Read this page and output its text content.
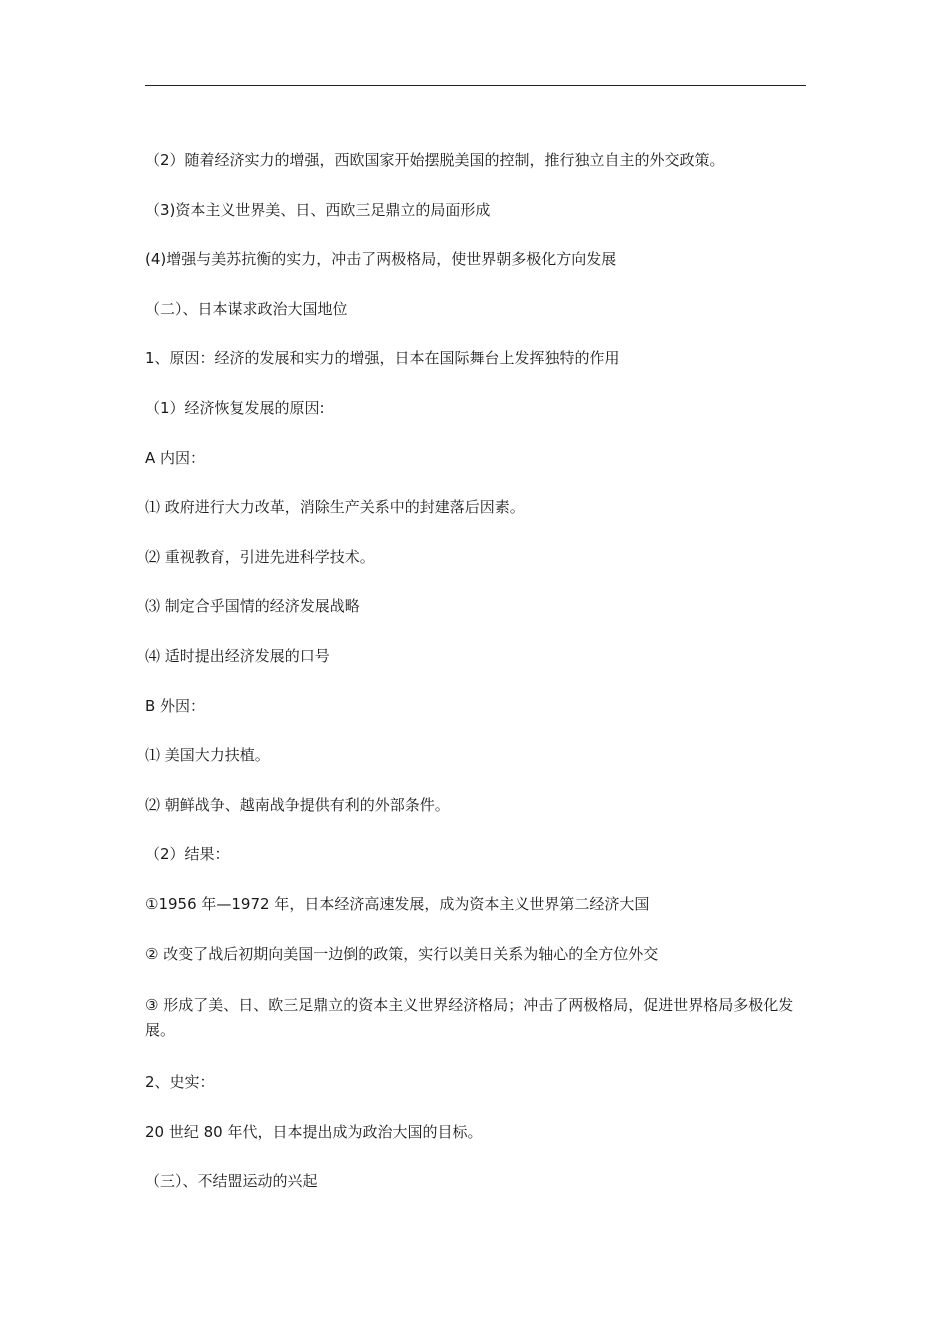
（2）随着经济实力的增强，西欧国家开始摆脱美国的控制，推行独立自主的外交政策。
（3)资本主义世界美、日、西欧三足鼎立的局面形成
(4)增强与美苏抗衡的实力，冲击了两极格局，使世界朝多极化方向发展
（二）、日本谋求政治大国地位
1、原因：经济的发展和实力的增强，日本在国际舞台上发挥独特的作用
（1）经济恢复发展的原因:
A 内因：
⑴ 政府进行大力改革，消除生产关系中的封建落后因素。
⑵ 重视教育，引进先进科学技术。
⑶ 制定合乎国情的经济发展战略
⑷ 适时提出经济发展的口号
B 外因：
⑴ 美国大力扶植。
⑵ 朝鲜战争、越南战争提供有利的外部条件。
（2）结果：
①1956 年—1972 年，日本经济高速发展，成为资本主义世界第二经济大国
② 改变了战后初期向美国一边倒的政策，实行以美日关系为轴心的全方位外交
③ 形成了美、日、欧三足鼎立的资本主义世界经济格局；冲击了两极格局，促进世界格局多极化发展。
2、史实：
20 世纪 80 年代，日本提出成为政治大国的目标。
（三）、不结盟运动的兴起
